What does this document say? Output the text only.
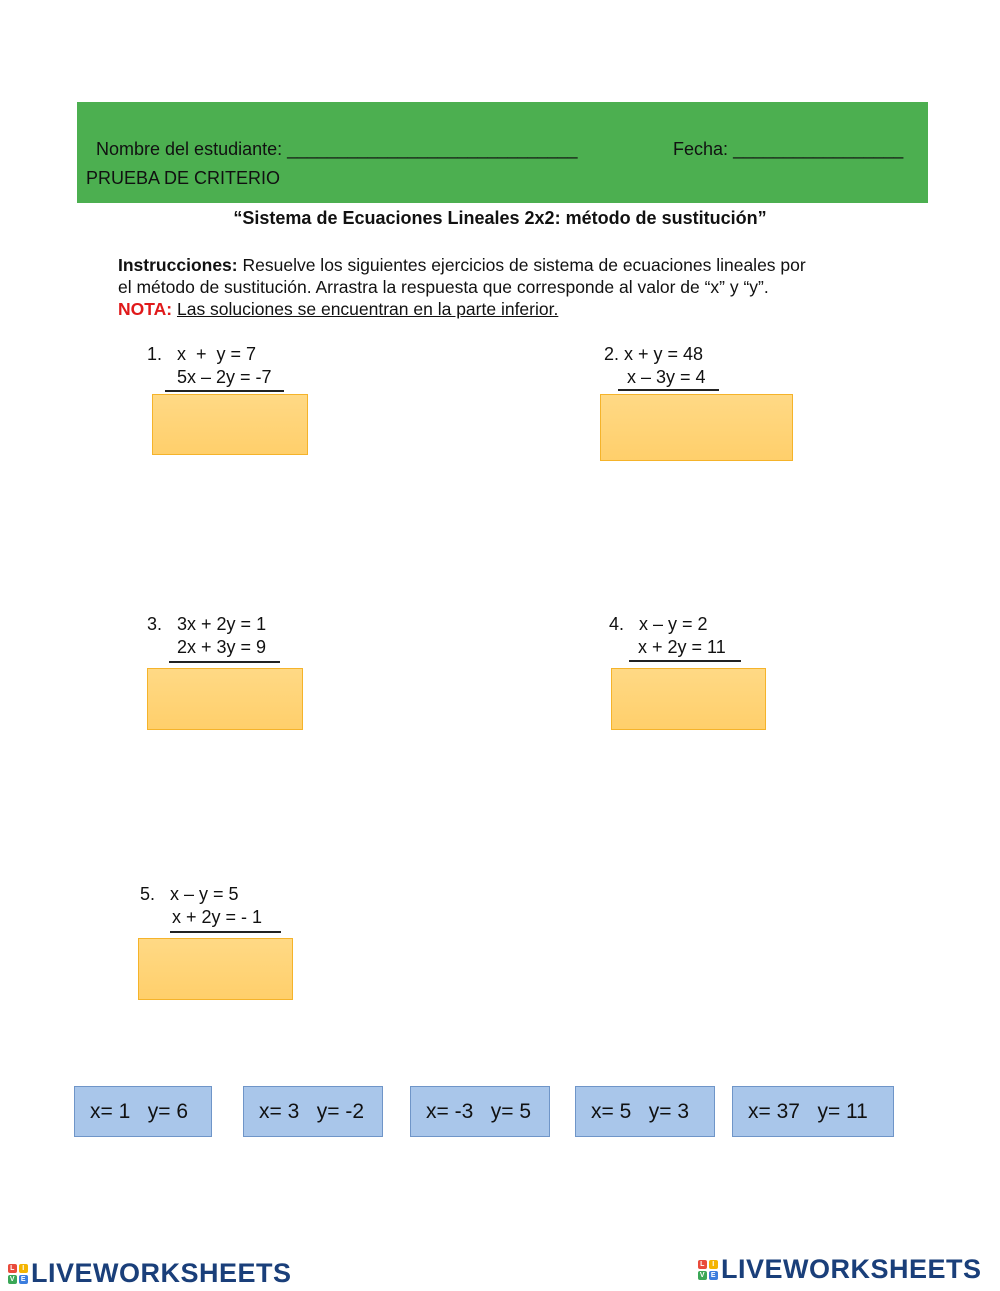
Nombre del estudiante: _____________________________	Fecha: _________________

PRUEBA DE CRITERIO
“Sistema de Ecuaciones Lineales 2x2: método de sustitución”
Instrucciones: Resuelve los siguientes ejercicios de sistema de ecuaciones lineales por
el método de sustitución. Arrastra la respuesta que corresponde al valor de “x” y “y”.
NOTA: Las soluciones se encuentran en la parte inferior.
1.   x  +  y = 7
5x – 2y = -7
2. x + y = 48
x – 3y = 4
3.   3x + 2y = 1
2x + 3y = 9
4.   x – y = 2
x + 2y = 11
5.   x – y = 5
x + 2y = - 1
x= 1   y= 6	x= 3   y= -2	x= -3   y= 5	x= 5   y= 3	x= 37   y= 11
L	I
V E LIVEWORKSHEETS	L	I
V E LIVEWORKSHEETS
